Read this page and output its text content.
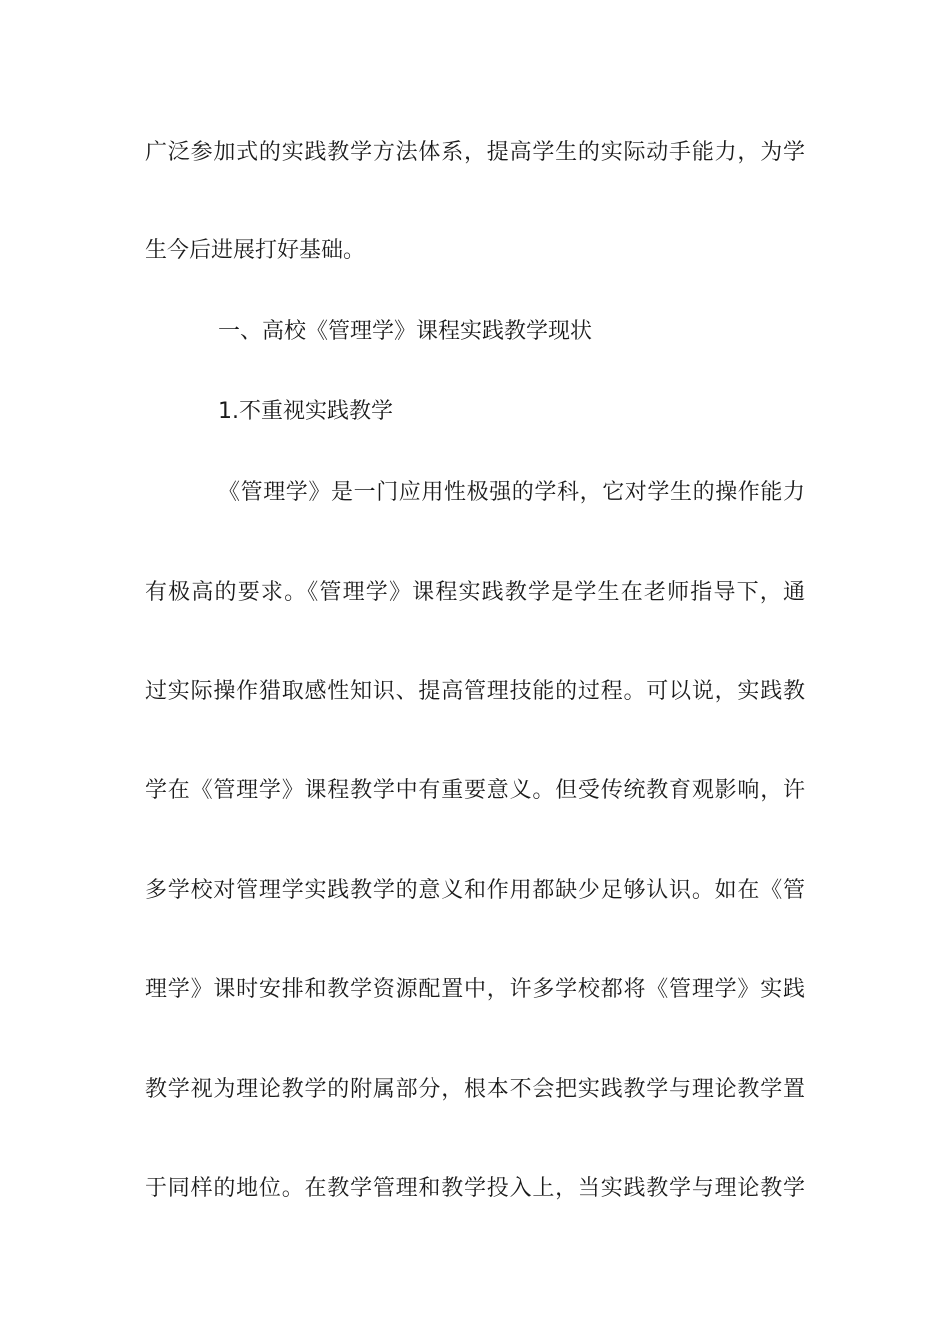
广泛参加式的实践教学方法体系，提高学生的实际动手能力，为学
生今后进展打好基础。
一、高校《管理学》课程实践教学现状
1.不重视实践教学
《管理学》是一门应用性极强的学科，它对学生的操作能力
有极高的要求。《管理学》课程实践教学是学生在老师指导下，通
过实际操作猎取感性知识、提高管理技能的过程。可以说，实践教
学在《管理学》课程教学中有重要意义。但受传统教育观影响，许
多学校对管理学实践教学的意义和作用都缺少足够认识。如在《管
理学》课时安排和教学资源配置中，许多学校都将《管理学》实践
教学视为理论教学的附属部分，根本不会把实践教学与理论教学置
于同样的地位。在教学管理和教学投入上，当实践教学与理论教学
